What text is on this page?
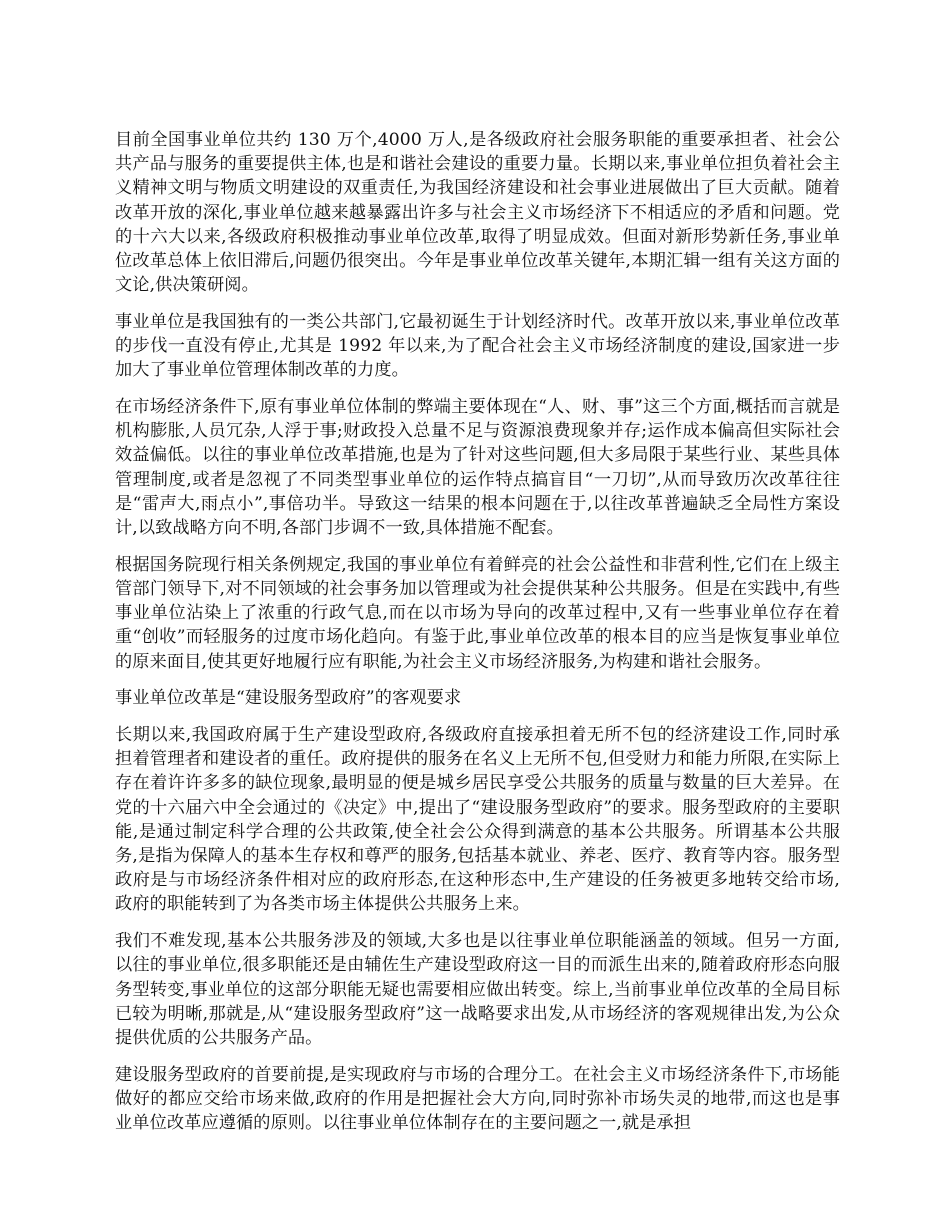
目前全国事业单位共约 130 万个,4000 万人,是各级政府社会服务职能的重要承担者、社会公共产品与服务的重要提供主体,也是和谐社会建设的重要力量。长期以来,事业单位担负着社会主义精神文明与物质文明建设的双重责任,为我国经济建设和社会事业进展做出了巨大贡献。随着改革开放的深化,事业单位越来越暴露出许多与社会主义市场经济下不相适应的矛盾和问题。党的十六大以来,各级政府积极推动事业单位改革,取得了明显成效。但面对新形势新任务,事业单位改革总体上依旧滞后,问题仍很突出。今年是事业单位改革关键年,本期汇辑一组有关这方面的文论,供决策研阅。

事业单位是我国独有的一类公共部门,它最初诞生于计划经济时代。改革开放以来,事业单位改革的步伐一直没有停止,尤其是 1992 年以来,为了配合社会主义市场经济制度的建设,国家进一步加大了事业单位管理体制改革的力度。

在市场经济条件下,原有事业单位体制的弊端主要体现在“人、财、事”这三个方面,概括而言就是机构膨胀,人员冗杂,人浮于事;财政投入总量不足与资源浪费现象并存;运作成本偏高但实际社会效益偏低。以往的事业单位改革措施,也是为了针对这些问题,但大多局限于某些行业、某些具体管理制度,或者是忽视了不同类型事业单位的运作特点搞盲目“一刀切”,从而导致历次改革往往是“雷声大,雨点小”,事倍功半。导致这一结果的根本问题在于,以往改革普遍缺乏全局性方案设计,以致战略方向不明,各部门步调不一致,具体措施不配套。

根据国务院现行相关条例规定,我国的事业单位有着鲜亮的社会公益性和非营利性,它们在上级主管部门领导下,对不同领域的社会事务加以管理或为社会提供某种公共服务。但是在实践中,有些事业单位沾染上了浓重的行政气息,而在以市场为导向的改革过程中,又有一些事业单位存在着重“创收”而轻服务的过度市场化趋向。有鉴于此,事业单位改革的根本目的应当是恢复事业单位的原来面目,使其更好地履行应有职能,为社会主义市场经济服务,为构建和谐社会服务。

事业单位改革是“建设服务型政府”的客观要求

长期以来,我国政府属于生产建设型政府,各级政府直接承担着无所不包的经济建设工作,同时承担着管理者和建设者的重任。政府提供的服务在名义上无所不包,但受财力和能力所限,在实际上存在着许许多多的缺位现象,最明显的便是城乡居民享受公共服务的质量与数量的巨大差异。在党的十六届六中全会通过的《决定》中,提出了“建设服务型政府”的要求。服务型政府的主要职能,是通过制定科学合理的公共政策,使全社会公众得到满意的基本公共服务。所谓基本公共服务,是指为保障人的基本生存权和尊严的服务,包括基本就业、养老、医疗、教育等内容。服务型政府是与市场经济条件相对应的政府形态,在这种形态中,生产建设的任务被更多地转交给市场,政府的职能转到了为各类市场主体提供公共服务上来。

我们不难发现,基本公共服务涉及的领域,大多也是以往事业单位职能涵盖的领域。但另一方面,以往的事业单位,很多职能还是由辅佐生产建设型政府这一目的而派生出来的,随着政府形态向服务型转变,事业单位的这部分职能无疑也需要相应做出转变。综上,当前事业单位改革的全局目标已较为明晰,那就是,从“建设服务型政府”这一战略要求出发,从市场经济的客观规律出发,为公众提供优质的公共服务产品。

建设服务型政府的首要前提,是实现政府与市场的合理分工。在社会主义市场经济条件下,市场能做好的都应交给市场来做,政府的作用是把握社会大方向,同时弥补市场失灵的地带,而这也是事业单位改革应遵循的原则。以往事业单位体制存在的主要问题之一,就是承担
